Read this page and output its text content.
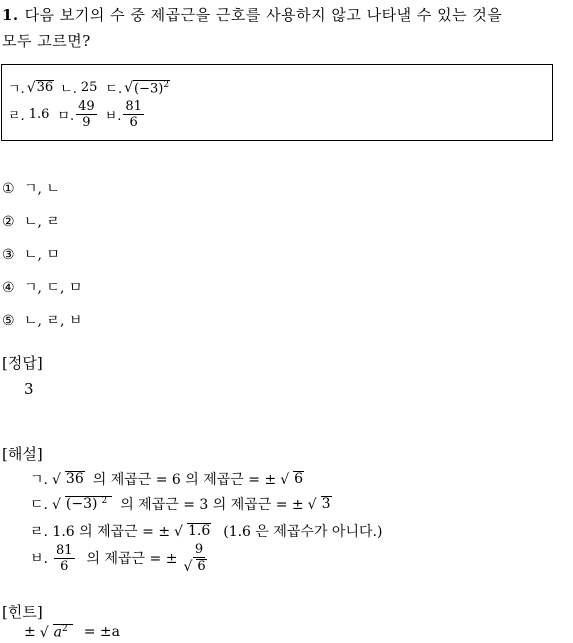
1. 다음 보기의 수 중 제곱근을 근호를 사용하지 않고 나타낼 수 있는 것을
모두 고르면?
ㄱ. √ 36 ㄴ. 25 ㄷ. √ $(-3)^2$
ㄹ. 1.6 ㅁ. $\frac{49}{9}$ ㅂ. $\frac{81}{6}$
① ㄱ, ㄴ
② ㄴ, ㄹ
③ ㄴ, ㅁ
④ ㄱ, ㄷ, ㅁ
⑤ ㄴ, ㄹ, ㅂ
[정답]
3
[해설]
ㄱ. √ 36 의 제곱근 = 6 의 제곱근 = ± √ 6
ㄷ. √ (−3) $^2$ 의 제곱근 = 3 의 제곱근 = ± √ 3
ㄹ. 1.6 의 제곱근 = ± √ 1.6 (1.6 은 제곱수가 아니다.)
ㅂ. $\frac{81}{6}$ 의 제곱근 = ± $\frac{9}{√ 6}$
[힌트]
± √ $a^2$	= ±a
